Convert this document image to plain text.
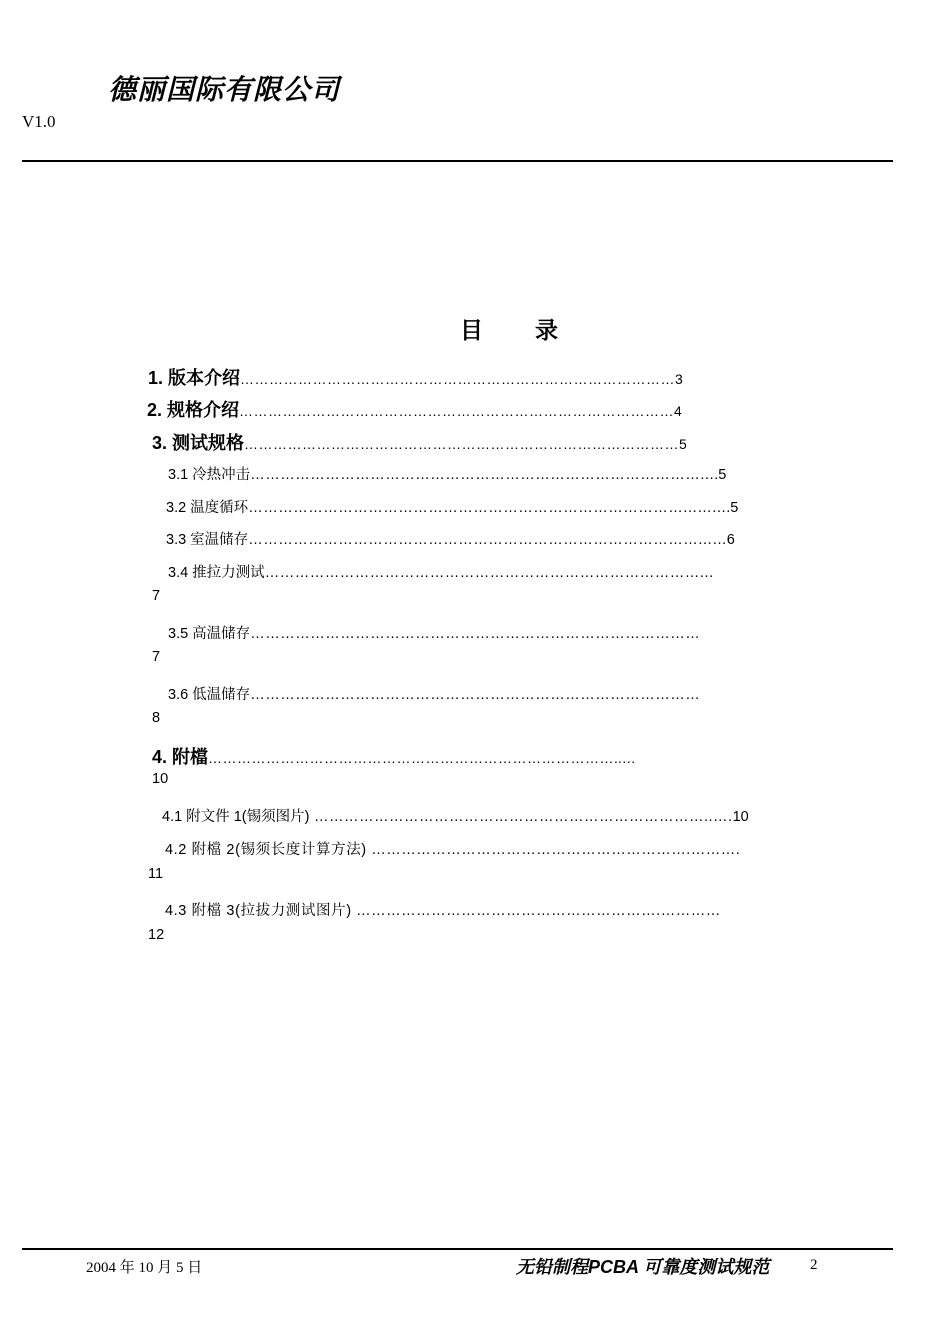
德丽国际有限公司
V1.0
目 录
1. 版本介绍………………………………………………………………………………3
2. 规格介绍………………………………………………………………………………4
3. 测试规格………………………………………………………………………………5
3.1 冷热冲击………………………………………………………………………………….5
3.2 温度循环…………………………………………………………………………………….5
3.3 室温储存……………………………………………………………………………………6
3.4 推拉力测试………………………………………………………………………………
7
3.5 高温储存………………………………………………………………………………
7
3.6 低温储存………………………………………………………………………………
8
4. 附檔…………………………………………………………………………..…
10
4.1 附文件 1(锡须图片) ……………………………………………………………………..….10
4.2 附檔 2(锡须长度计算方法) ……………………………………………………….……….
11
4.3 附檔 3(拉拔力测试图片) …………………………………………………….…………
12
2004 年 10 月 5 日	无铅制程PCBA 可靠度测试规范	2
